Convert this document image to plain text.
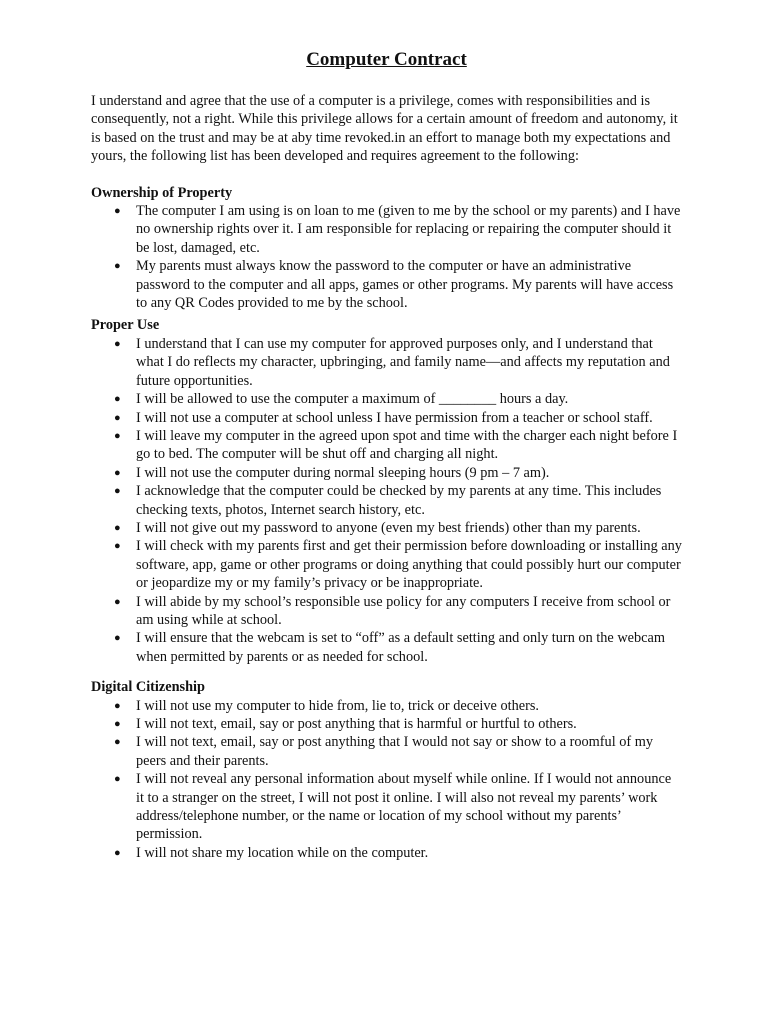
Computer Contract

I understand and agree that the use of a computer is a privilege, comes with responsibilities and is consequently, not a right. While this privilege allows for a certain amount of freedom and autonomy, it is based on the trust and may be at aby time revoked.in an effort to manage both my expectations and yours, the following list has been developed and requires agreement to the following:

Ownership of Property
● The computer I am using is on loan to me (given to me by the school or my parents) and I have no ownership rights over it. I am responsible for replacing or repairing the computer should it be lost, damaged, etc.
● My parents must always know the password to the computer or have an administrative password to the computer and all apps, games or other programs. My parents will have access to any QR Codes provided to me by the school.
Proper Use
● I understand that I can use my computer for approved purposes only, and I understand that what I do reflects my character, upbringing, and family name—and affects my reputation and future opportunities.
● I will be allowed to use the computer a maximum of ________ hours a day.
● I will not use a computer at school unless I have permission from a teacher or school staff.
● I will leave my computer in the agreed upon spot and time with the charger each night before I go to bed. The computer will be shut off and charging all night.
● I will not use the computer during normal sleeping hours (9 pm – 7 am).
● I acknowledge that the computer could be checked by my parents at any time. This includes checking texts, photos, Internet search history, etc.
● I will not give out my password to anyone (even my best friends) other than my parents.
● I will check with my parents first and get their permission before downloading or installing any software, app, game or other programs or doing anything that could possibly hurt our computer or jeopardize my or my family’s privacy or be inappropriate.
● I will abide by my school’s responsible use policy for any computers I receive from school or am using while at school.
● I will ensure that the webcam is set to “off” as a default setting and only turn on the webcam when permitted by parents or as needed for school.
Digital Citizenship
● I will not use my computer to hide from, lie to, trick or deceive others.
● I will not text, email, say or post anything that is harmful or hurtful to others.
● I will not text, email, say or post anything that I would not say or show to a roomful of my peers and their parents.
● I will not reveal any personal information about myself while online. If I would not announce it to a stranger on the street, I will not post it online. I will also not reveal my parents’ work address/telephone number, or the name or location of my school without my parents’ permission.
● I will not share my location while on the computer.
